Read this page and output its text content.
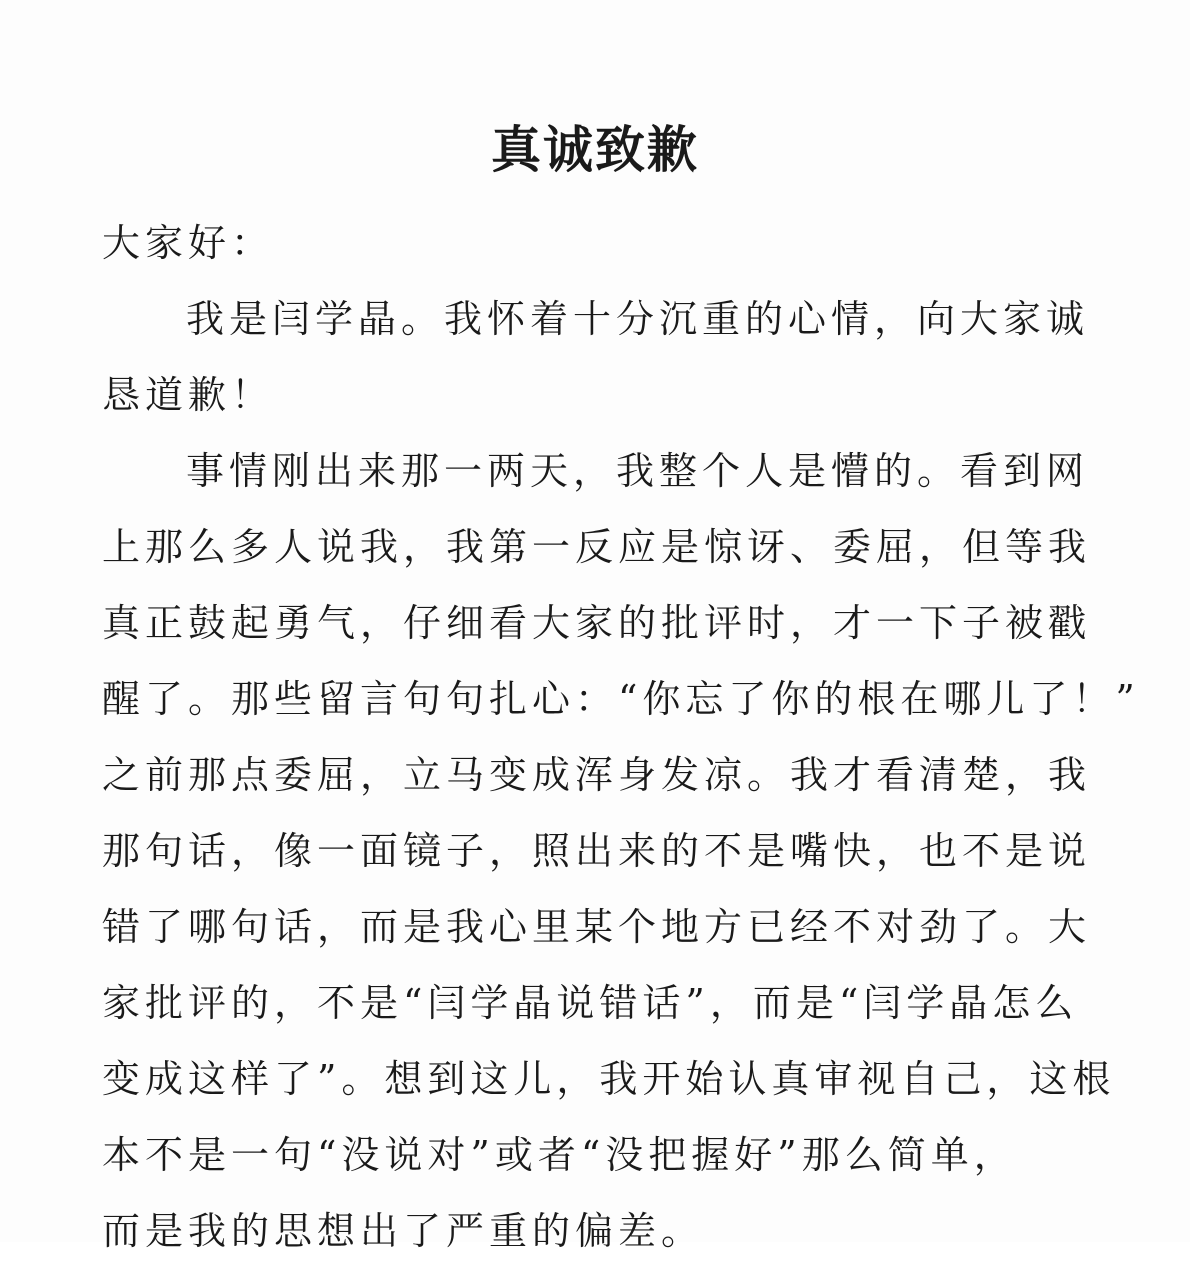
真诚致歉
大家好：
我是闫学晶。我怀着十分沉重的心情，向大家诚
恳道歉！
事情刚出来那一两天，我整个人是懵的。看到网
上那么多人说我，我第一反应是惊讶、委屈，但等我
真正鼓起勇气，仔细看大家的批评时，才一下子被戳
醒了。那些留言句句扎心：“你忘了你的根在哪儿了！”
之前那点委屈，立马变成浑身发凉。我才看清楚，我
那句话，像一面镜子，照出来的不是嘴快，也不是说
错了哪句话，而是我心里某个地方已经不对劲了。大
家批评的，不是“闫学晶说错话”，而是“闫学晶怎么
变成这样了”。想到这儿，我开始认真审视自己，这根
本不是一句“没说对”或者“没把握好”那么简单，
而是我的思想出了严重的偏差。
